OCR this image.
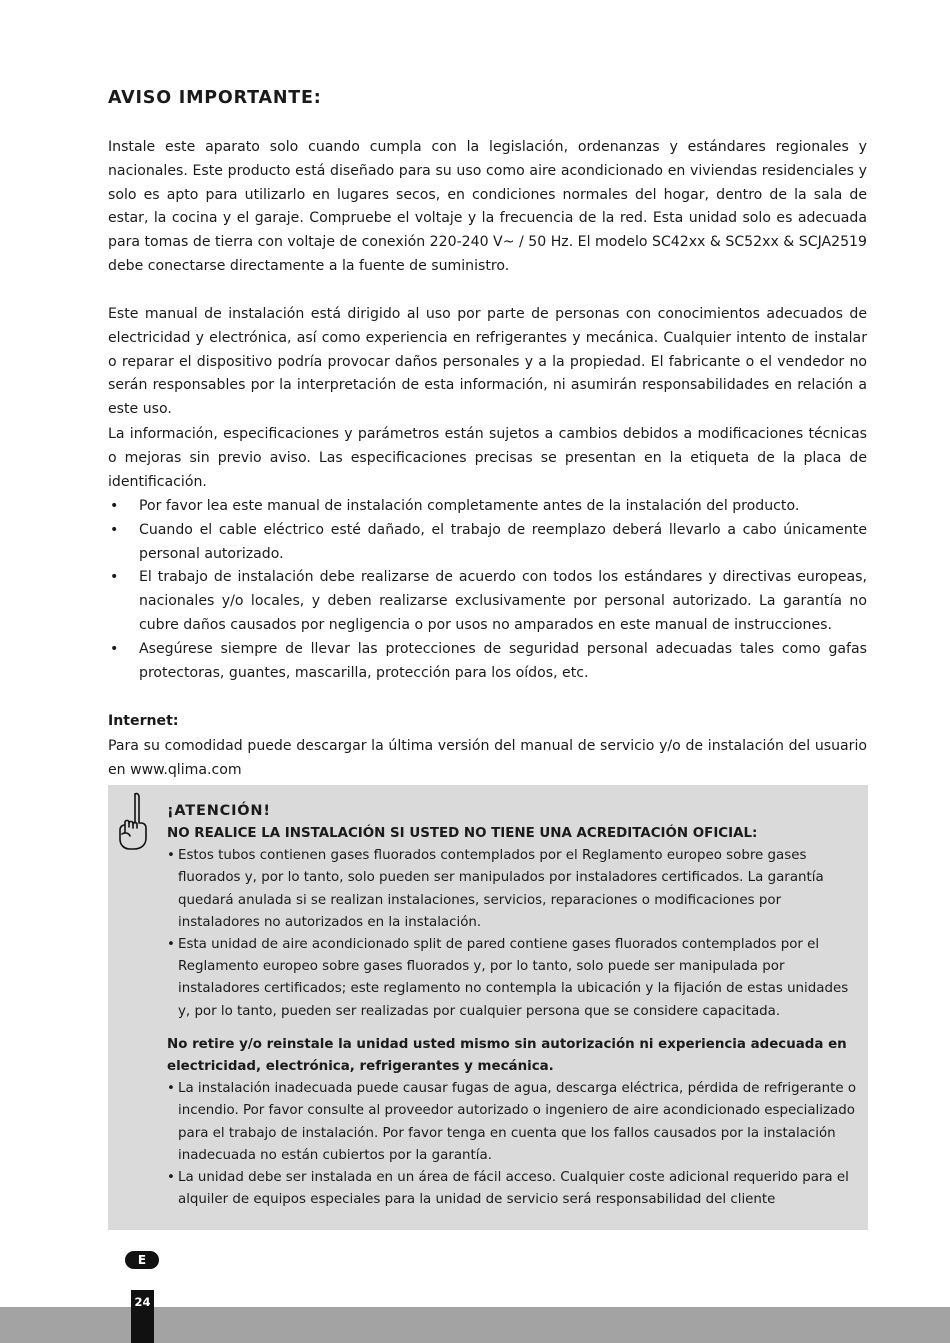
AVISO IMPORTANTE:

Instale este aparato solo cuando cumpla con la legislación, ordenanzas y estándares regionales y nacionales. Este producto está diseñado para su uso como aire acondicionado en viviendas residenciales y solo es apto para utilizarlo en lugares secos, en condiciones normales del hogar, dentro de la sala de estar, la cocina y el garaje. Compruebe el voltaje y la frecuencia de la red. Esta unidad solo es adecuada para tomas de tierra con voltaje de conexión 220-240 V~ / 50 Hz. El modelo SC42xx & SC52xx & SCJA2519 debe conectarse directamente a la fuente de suministro.

Este manual de instalación está dirigido al uso por parte de personas con conocimientos adecuados de electricidad y electrónica, así como experiencia en refrigerantes y mecánica. Cualquier intento de instalar o reparar el dispositivo podría provocar daños personales y a la propiedad. El fabricante o el vendedor no serán responsables por la interpretación de esta información, ni asumirán responsabilidades en relación a este uso.

La información, especificaciones y parámetros están sujetos a cambios debidos a modificaciones técnicas o mejoras sin previo aviso. Las especificaciones precisas se presentan en la etiqueta de la placa de identificación.

• Por favor lea este manual de instalación completamente antes de la instalación del producto.
• Cuando el cable eléctrico esté dañado, el trabajo de reemplazo deberá llevarlo a cabo únicamente personal autorizado.
• El trabajo de instalación debe realizarse de acuerdo con todos los estándares y directivas europeas, nacionales y/o locales, y deben realizarse exclusivamente por personal autorizado. La garantía no cubre daños causados por negligencia o por usos no amparados en este manual de instrucciones.
• Asegúrese siempre de llevar las protecciones de seguridad personal adecuadas tales como gafas protectoras, guantes, mascarilla, protección para los oídos, etc.

Internet:

Para su comodidad puede descargar la última versión del manual de servicio y/o de instalación del usuario en www.qlima.com

¡ATENCIÓN!

NO REALICE LA INSTALACIÓN SI USTED NO TIENE UNA ACREDITACIÓN OFICIAL:

• Estos tubos contienen gases fluorados contemplados por el Reglamento europeo sobre gases fluorados y, por lo tanto, solo pueden ser manipulados por instaladores certificados. La garantía quedará anulada si se realizan instalaciones, servicios, reparaciones o modificaciones por instaladores no autorizados en la instalación.
• Esta unidad de aire acondicionado split de pared contiene gases fluorados contemplados por el Reglamento europeo sobre gases fluorados y, por lo tanto, solo puede ser manipulada por instaladores certificados; este reglamento no contempla la ubicación y la fijación de estas unidades y, por lo tanto, pueden ser realizadas por cualquier persona que se considere capacitada.

No retire y/o reinstale la unidad usted mismo sin autorización ni experiencia adecuada en electricidad, electrónica, refrigerantes y mecánica.

• La instalación inadecuada puede causar fugas de agua, descarga eléctrica, pérdida de refrigerante o incendio. Por favor consulte al proveedor autorizado o ingeniero de aire acondicionado especializado para el trabajo de instalación. Por favor tenga en cuenta que los fallos causados por la instalación inadecuada no están cubiertos por la garantía.
• La unidad debe ser instalada en un área de fácil acceso. Cualquier coste adicional requerido para el alquiler de equipos especiales para la unidad de servicio será responsabilidad del cliente
E
24
